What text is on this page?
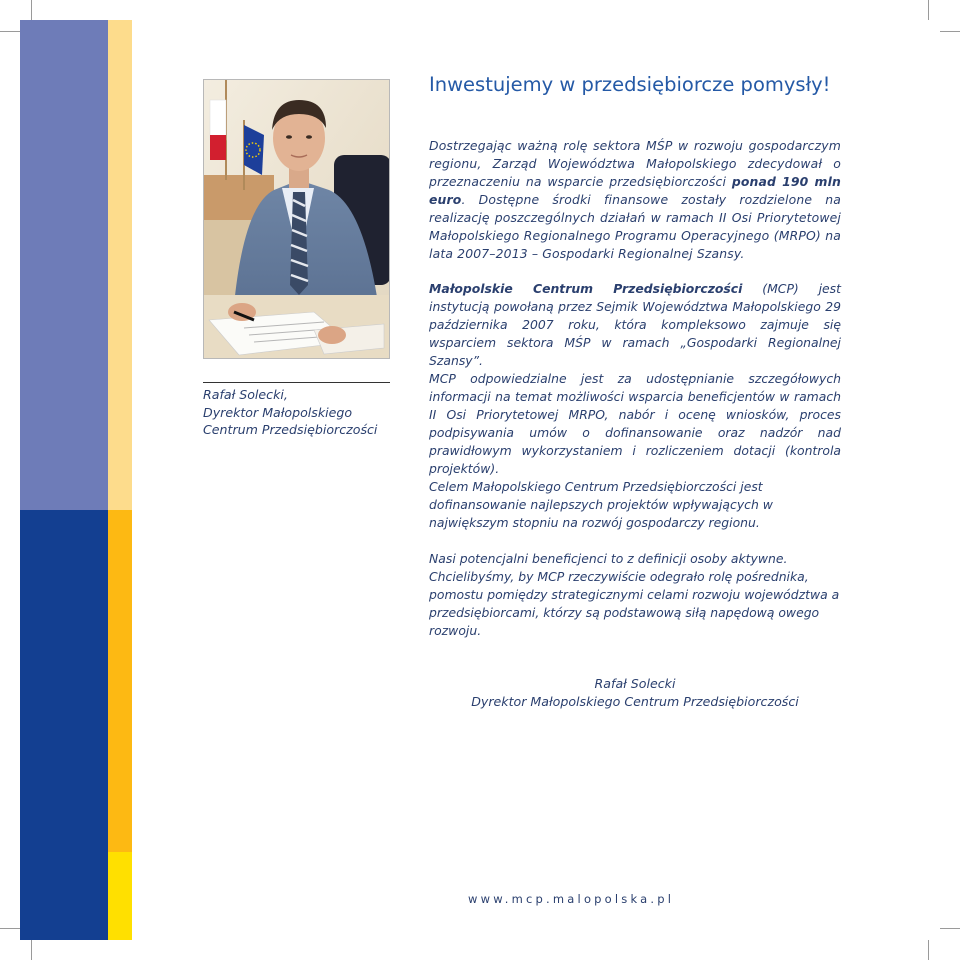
Rafał Solecki,
Dyrektor Małopolskiego
Centrum Przedsiębiorczości
Inwestujemy w przedsiębiorcze pomysły!

Dostrzegając ważną rolę sektora MŚP w rozwoju gospodarczym regionu, Zarząd Województwa Małopolskiego zdecydował o przeznaczeniu na wsparcie przedsiębiorczości ponad 190 mln euro. Dostępne środki finansowe zostały rozdzielone na realizację poszczególnych działań w ramach II Osi Priorytetowej Małopolskiego Regionalnego Programu Operacyjnego (MRPO) na lata 2007–2013 – Gospodarki Regionalnej Szansy.

Małopolskie Centrum Przedsiębiorczości (MCP) jest instytucją powołaną przez Sejmik Województwa Małopolskiego 29 października 2007 roku, która kompleksowo zajmuje się wsparciem sektora MŚP w ramach „Gospodarki Regionalnej Szansy”.

MCP odpowiedzialne jest za udostępnianie szczegółowych informacji na temat możliwości wsparcia beneficjentów w ramach II Osi Priorytetowej MRPO, nabór i ocenę wniosków, proces podpisywania umów o dofinansowanie oraz nadzór nad prawidłowym wykorzystaniem i rozliczeniem dotacji (kontrola projektów).

Celem Małopolskiego Centrum Przedsiębiorczości jest dofinansowanie najlepszych projektów wpływających w największym stopniu na rozwój gospodarczy regionu.

Nasi potencjalni beneficjenci to z definicji osoby aktywne. Chcielibyśmy, by MCP rzeczywiście odegrało rolę pośrednika, pomostu pomiędzy strategicznymi celami rozwoju województwa a przedsiębiorcami, którzy są podstawową siłą napędową owego rozwoju.

Rafał Solecki
Dyrektor Małopolskiego Centrum Przedsiębiorczości
www.mcp.malopolska.pl
